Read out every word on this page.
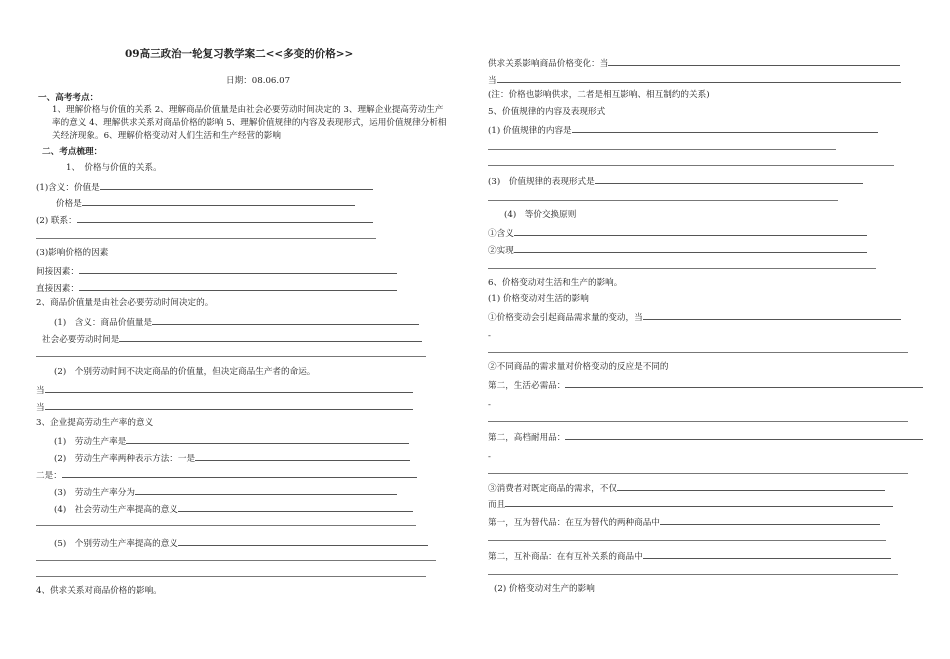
09高三政治一轮复习教学案二<<多变的价格>>
日期：08.06.07
一、高考考点：
1、理解价格与价值的关系 2、理解商品价值量是由社会必要劳动时间决定的 3、理解企业提高劳动生产
率的意义 4、理解供求关系对商品价格的影响 5、理解价值规律的内容及表现形式，运用价值规律分析相
关经济现象。6、理解价格变动对人们生活和生产经营的影响
二、考点梳理：
1、　价格与价值的关系。
(1)含义：价值是
价格是
(2) 联系：
(3)影响价格的因素
间接因素：
直接因素：
2、商品价值量是由社会必要劳动时间决定的。
(1)　含义：商品价值量是
社会必要劳动时间是
(2)　个别劳动时间不决定商品的价值量，但决定商品生产者的命运。
当
当
3、企业提高劳动生产率的意义
(1)　劳动生产率是
(2)　劳动生产率两种表示方法：一是
二是：
(3)　劳动生产率分为
(4)　社会劳动生产率提高的意义
(5)　个别劳动生产率提高的意义
4、供求关系对商品价格的影响。
供求关系影响商品价格变化：当
当
(注：价格也影响供求，二者是相互影响、相互制约的关系)
5、价值规律的内容及表现形式
(1) 价值规律的内容是
(3)　价值规律的表现形式是
(4)　等价交换原则
①含义
②实现
6、价格变动对生活和生产的影响。
(1) 价格变动对生活的影响
①价格变动会引起商品需求量的变动，当
-
②不同商品的需求量对价格变动的反应是不同的
第二，生活必需品：
-
第二，高档耐用品：
-
③消费者对既定商品的需求，不仅
而且
第一，互为替代品：在互为替代的两种商品中
第二，互补商品：在有互补关系的商品中
(2) 价格变动对生产的影响
